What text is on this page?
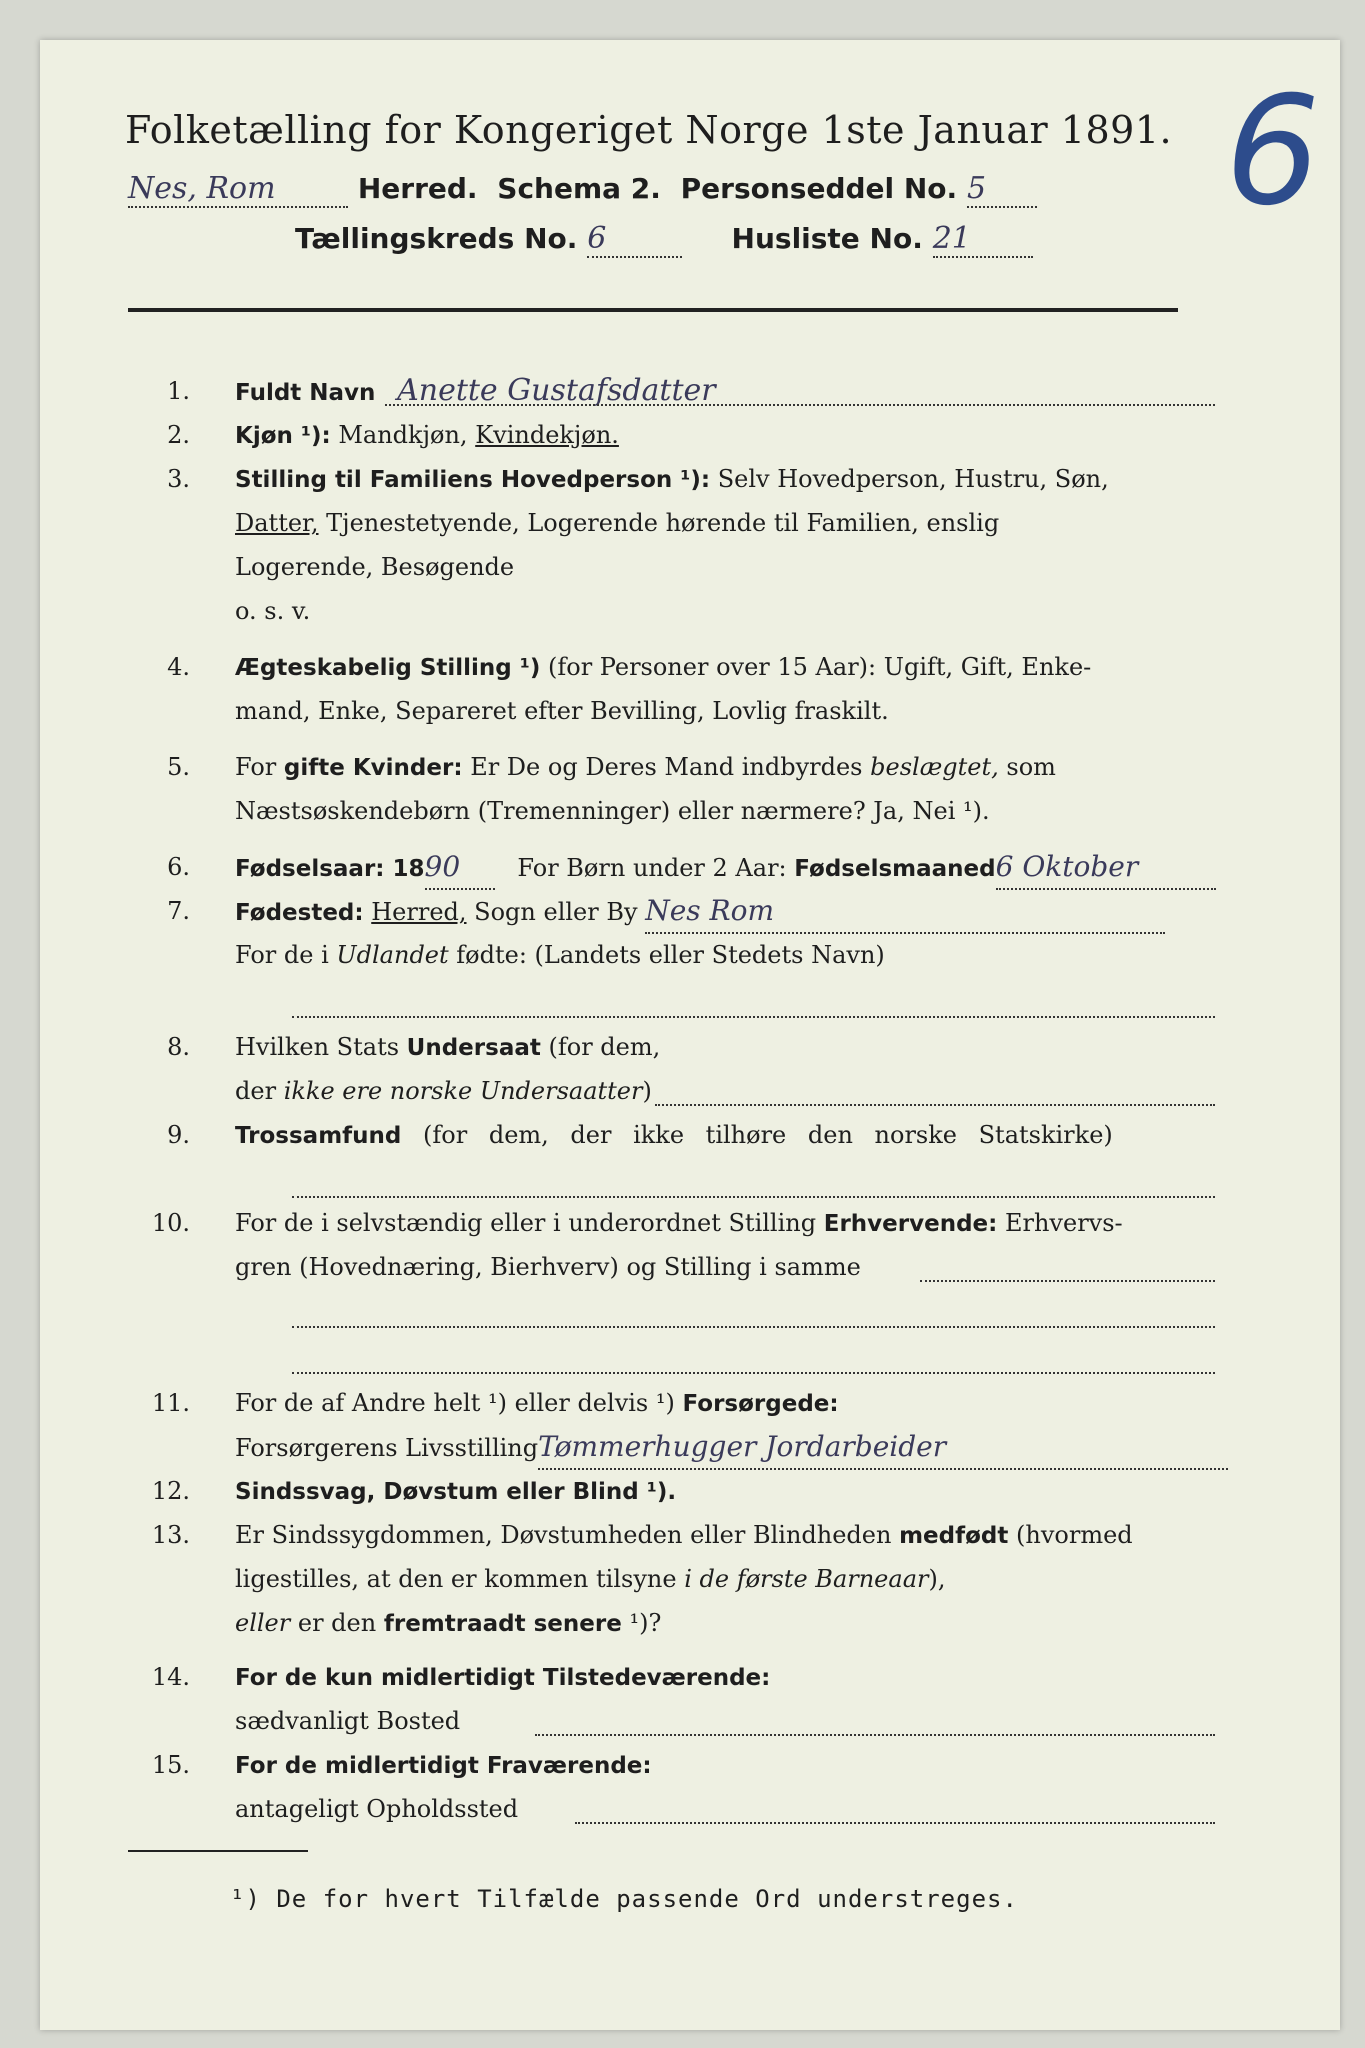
6
Folketælling for Kongeriget Norge 1ste Januar 1891.
Nes, Rom	Herred. Schema 2. Personseddel No. 5
Tællingskreds No. 6	Husliste No. 21
1. Fuldt Navn Anette Gustafsdatter
2. Kjøn ¹): Mandkjøn, Kvindekjøn.
3. Stilling til Familiens Hovedperson ¹): Selv Hovedperson, Hustru, Søn,
Datter, Tjenestetyende, Logerende hørende til Familien, enslig
Logerende, Besøgende
o. s. v.
4. Ægteskabelig Stilling ¹) (for Personer over 15 Aar): Ugift, Gift, Enke-
mand, Enke, Separeret efter Bevilling, Lovlig fraskilt.
5. For gifte Kvinder: Er De og Deres Mand indbyrdes beslægtet, som
Næstsøskendebørn (Tremenninger) eller nærmere? Ja, Nei ¹).
6. Fødselsaar: 1890 For Børn under 2 Aar: Fødselsmaaned6 Oktober
7. Fødested: Herred, Sogn eller By Nes Rom
For de i Udlandet fødte: (Landets eller Stedets Navn)
8. Hvilken Stats Undersaat (for dem,
der ikke ere norske Undersaatter)
9. Trossamfund (for dem, der ikke tilhøre den norske Statskirke)
10. For de i selvstændig eller i underordnet Stilling Erhvervende: Erhvervs-
gren (Hovednæring, Bierhverv) og Stilling i samme
11. For de af Andre helt ¹) eller delvis ¹) Forsørgede:
Forsørgerens LivsstillingTømmerhugger Jordarbeider
12. Sindssvag, Døvstum eller Blind ¹).
13. Er Sindssygdommen, Døvstumheden eller Blindheden medfødt (hvormed
ligestilles, at den er kommen tilsyne i de første Barneaar),
eller er den fremtraadt senere ¹)?
14. For de kun midlertidigt Tilstedeværende:
sædvanligt Bosted
15. For de midlertidigt Fraværende:
antageligt Opholdssted
¹) De for hvert Tilfælde passende Ord understreges.
